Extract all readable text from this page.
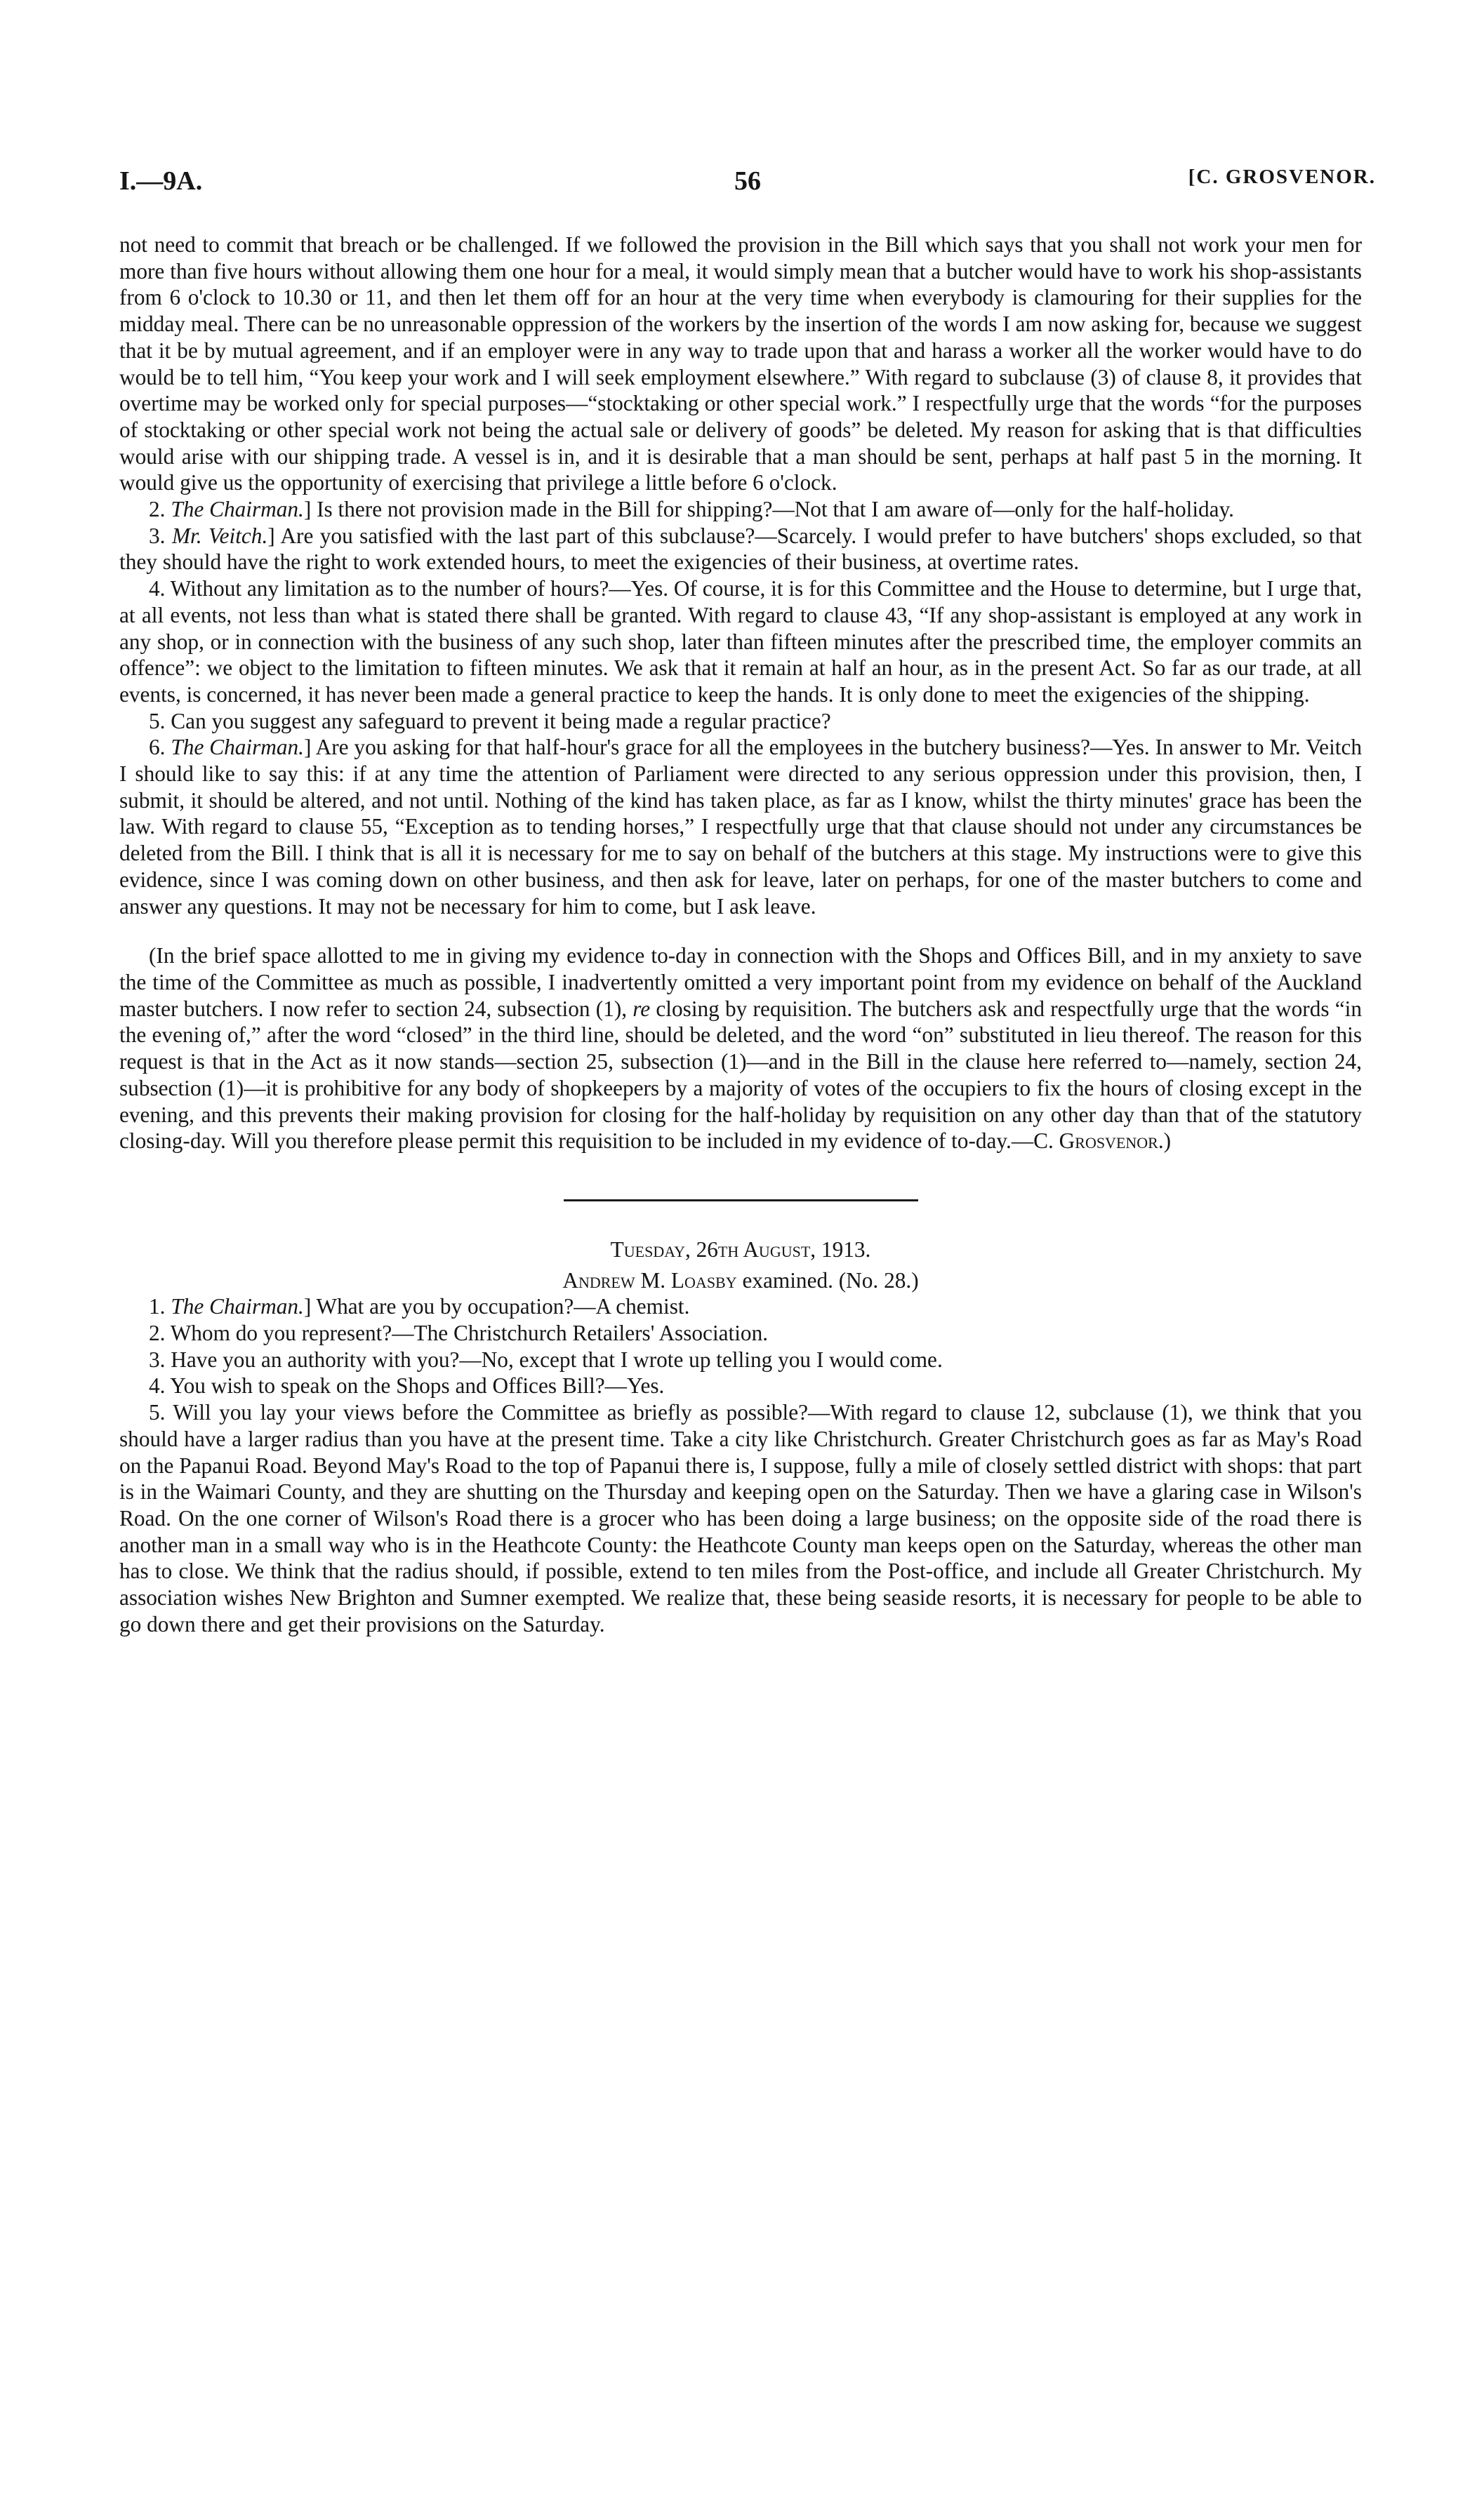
I.—9A.	56	[C. GROSVENOR.

not need to commit that breach or be challenged. If we followed the provision in the Bill which says that you shall not work your men for more than five hours without allowing them one hour for a meal, it would simply mean that a butcher would have to work his shop-assistants from 6 o'clock to 10.30 or 11, and then let them off for an hour at the very time when everybody is clamouring for their supplies for the midday meal. There can be no unreasonable oppression of the workers by the insertion of the words I am now asking for, because we suggest that it be by mutual agreement, and if an employer were in any way to trade upon that and harass a worker all the worker would have to do would be to tell him, “You keep your work and I will seek employment elsewhere.” With regard to subclause (3) of clause 8, it provides that overtime may be worked only for special purposes—“stocktaking or other special work.” I respectfully urge that the words “for the purposes of stocktaking or other special work not being the actual sale or delivery of goods” be deleted. My reason for asking that is that difficulties would arise with our shipping trade. A vessel is in, and it is desirable that a man should be sent, perhaps at half past 5 in the morning. It would give us the opportunity of exercising that privilege a little before 6 o'clock.

2. The Chairman.] Is there not provision made in the Bill for shipping?—Not that I am aware of—only for the half-holiday.

3. Mr. Veitch.] Are you satisfied with the last part of this subclause?—Scarcely. I would prefer to have butchers' shops excluded, so that they should have the right to work extended hours, to meet the exigencies of their business, at overtime rates.

4. Without any limitation as to the number of hours?—Yes. Of course, it is for this Committee and the House to determine, but I urge that, at all events, not less than what is stated there shall be granted. With regard to clause 43, “If any shop-assistant is employed at any work in any shop, or in connection with the business of any such shop, later than fifteen minutes after the prescribed time, the employer commits an offence”: we object to the limitation to fifteen minutes. We ask that it remain at half an hour, as in the present Act. So far as our trade, at all events, is concerned, it has never been made a general practice to keep the hands. It is only done to meet the exigencies of the shipping.

5. Can you suggest any safeguard to prevent it being made a regular practice?

6. The Chairman.] Are you asking for that half-hour's grace for all the employees in the butchery business?—Yes. In answer to Mr. Veitch I should like to say this: if at any time the attention of Parliament were directed to any serious oppression under this provision, then, I submit, it should be altered, and not until. Nothing of the kind has taken place, as far as I know, whilst the thirty minutes' grace has been the law. With regard to clause 55, “Exception as to tending horses,” I respectfully urge that that clause should not under any circumstances be deleted from the Bill. I think that is all it is necessary for me to say on behalf of the butchers at this stage. My instructions were to give this evidence, since I was coming down on other business, and then ask for leave, later on perhaps, for one of the master butchers to come and answer any questions. It may not be necessary for him to come, but I ask leave.

(In the brief space allotted to me in giving my evidence to-day in connection with the Shops and Offices Bill, and in my anxiety to save the time of the Committee as much as possible, I inadvertently omitted a very important point from my evidence on behalf of the Auckland master butchers. I now refer to section 24, subsection (1), re closing by requisition. The butchers ask and respectfully urge that the words “in the evening of,” after the word “closed” in the third line, should be deleted, and the word “on” substituted in lieu thereof. The reason for this request is that in the Act as it now stands—section 25, subsection (1)—and in the Bill in the clause here referred to—namely, section 24, subsection (1)—it is prohibitive for any body of shopkeepers by a majority of votes of the occupiers to fix the hours of closing except in the evening, and this prevents their making provision for closing for the half-holiday by requisition on any other day than that of the statutory closing-day. Will you therefore please permit this requisition to be included in my evidence of to-day.—C. Grosvenor.)

Tuesday, 26th August, 1913.

Andrew M. Loasby examined. (No. 28.)

1. The Chairman.] What are you by occupation?—A chemist.

2. Whom do you represent?—The Christchurch Retailers' Association.

3. Have you an authority with you?—No, except that I wrote up telling you I would come.

4. You wish to speak on the Shops and Offices Bill?—Yes.

5. Will you lay your views before the Committee as briefly as possible?—With regard to clause 12, subclause (1), we think that you should have a larger radius than you have at the present time. Take a city like Christchurch. Greater Christchurch goes as far as May's Road on the Papanui Road. Beyond May's Road to the top of Papanui there is, I suppose, fully a mile of closely settled district with shops: that part is in the Waimari County, and they are shutting on the Thursday and keeping open on the Saturday. Then we have a glaring case in Wilson's Road. On the one corner of Wilson's Road there is a grocer who has been doing a large business; on the opposite side of the road there is another man in a small way who is in the Heathcote County: the Heathcote County man keeps open on the Saturday, whereas the other man has to close. We think that the radius should, if possible, extend to ten miles from the Post-office, and include all Greater Christchurch. My association wishes New Brighton and Sumner exempted. We realize that, these being seaside resorts, it is necessary for people to be able to go down there and get their provisions on the Saturday.
